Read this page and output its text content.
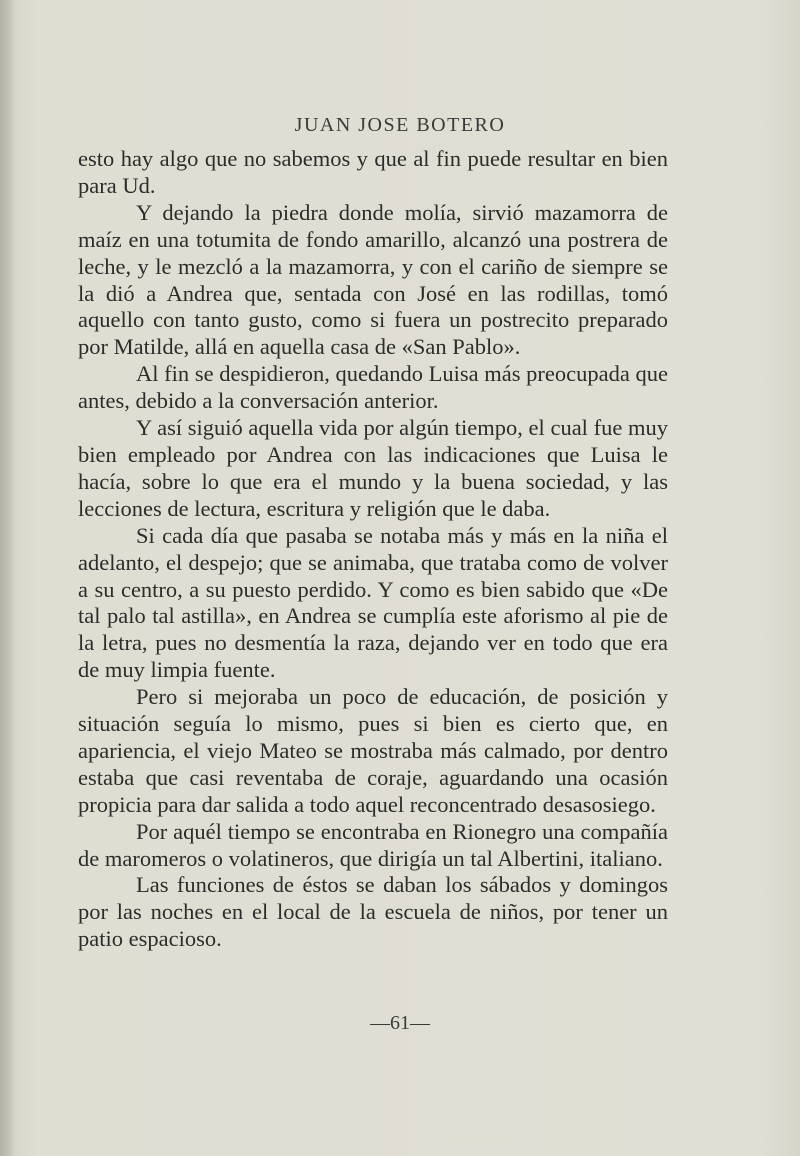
JUAN JOSE BOTERO

esto hay algo que no sabemos y que al fin puede resultar en bien para Ud.

Y dejando la piedra donde molía, sirvió mazamorra de maíz en una totumita de fondo amarillo, alcanzó una postrera de leche, y le mezcló a la mazamorra, y con el cariño de siempre se la dió a Andrea que, sentada con José en las rodillas, tomó aquello con tanto gusto, como si fuera un postrecito preparado por Matilde, allá en aquella casa de «San Pablo».

Al fin se despidieron, quedando Luisa más preocupada que antes, debido a la conversación anterior.

Y así siguió aquella vida por algún tiempo, el cual fue muy bien empleado por Andrea con las indicaciones que Luisa le hacía, sobre lo que era el mundo y la buena sociedad, y las lecciones de lectura, escritura y religión que le daba.

Si cada día que pasaba se notaba más y más en la niña el adelanto, el despejo; que se animaba, que trataba como de volver a su centro, a su puesto perdido. Y como es bien sabido que «De tal palo tal astilla», en Andrea se cumplía este aforismo al pie de la letra, pues no desmentía la raza, dejando ver en todo que era de muy limpia fuente.

Pero si mejoraba un poco de educación, de posición y situación seguía lo mismo, pues si bien es cierto que, en apariencia, el viejo Mateo se mostraba más calmado, por dentro estaba que casi reventaba de coraje, aguardando una ocasión propicia para dar salida a todo aquel reconcentrado desasosiego.

Por aquél tiempo se encontraba en Rionegro una compañía de maromeros o volatineros, que dirigía un tal Albertini, italiano.

Las funciones de éstos se daban los sábados y domingos por las noches en el local de la escuela de niños, por tener un patio espacioso.

—61—
